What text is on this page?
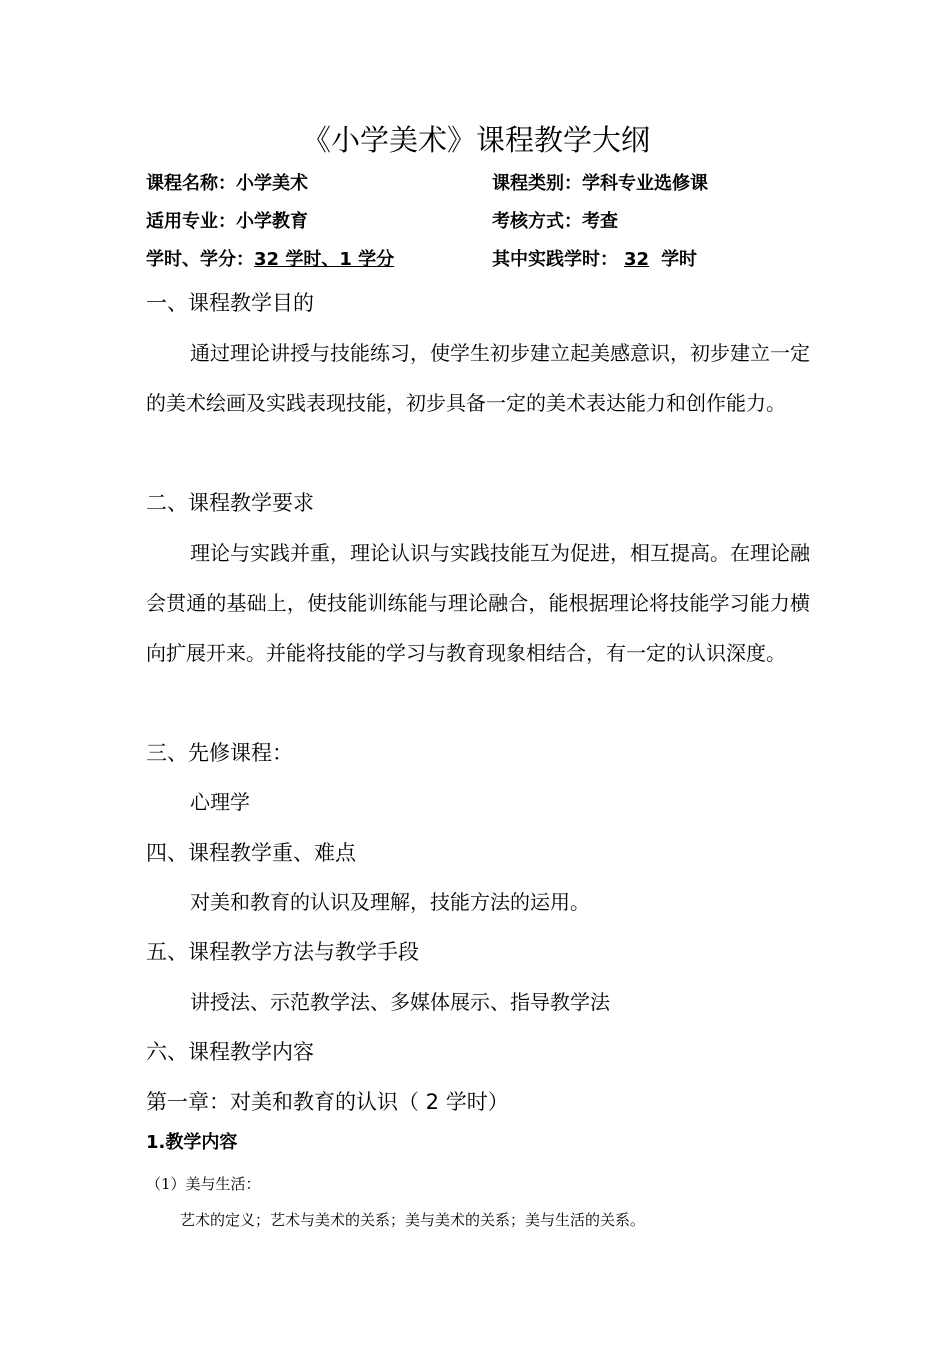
《小学美术》课程教学大纲
课程名称：小学美术	课程类别：学科专业选修课
适用专业：小学教育	考核方式：考查
学时、学分：32 学时、1 学分	其中实践学时： 32 学时
一、课程教学目的
通过理论讲授与技能练习，使学生初步建立起美感意识，初步建立一定的美术绘画及实践表现技能，初步具备一定的美术表达能力和创作能力。
二、课程教学要求
理论与实践并重，理论认识与实践技能互为促进，相互提高。在理论融会贯通的基础上，使技能训练能与理论融合，能根据理论将技能学习能力横向扩展开来。并能将技能的学习与教育现象相结合，有一定的认识深度。
三、先修课程：
心理学
四、课程教学重、难点
对美和教育的认识及理解，技能方法的运用。
五、课程教学方法与教学手段
讲授法、示范教学法、多媒体展示、指导教学法
六、课程教学内容
第一章：对美和教育的认识（ 2 学时）
1.教学内容
（1）美与生活：
艺术的定义；艺术与美术的关系；美与美术的关系；美与生活的关系。
